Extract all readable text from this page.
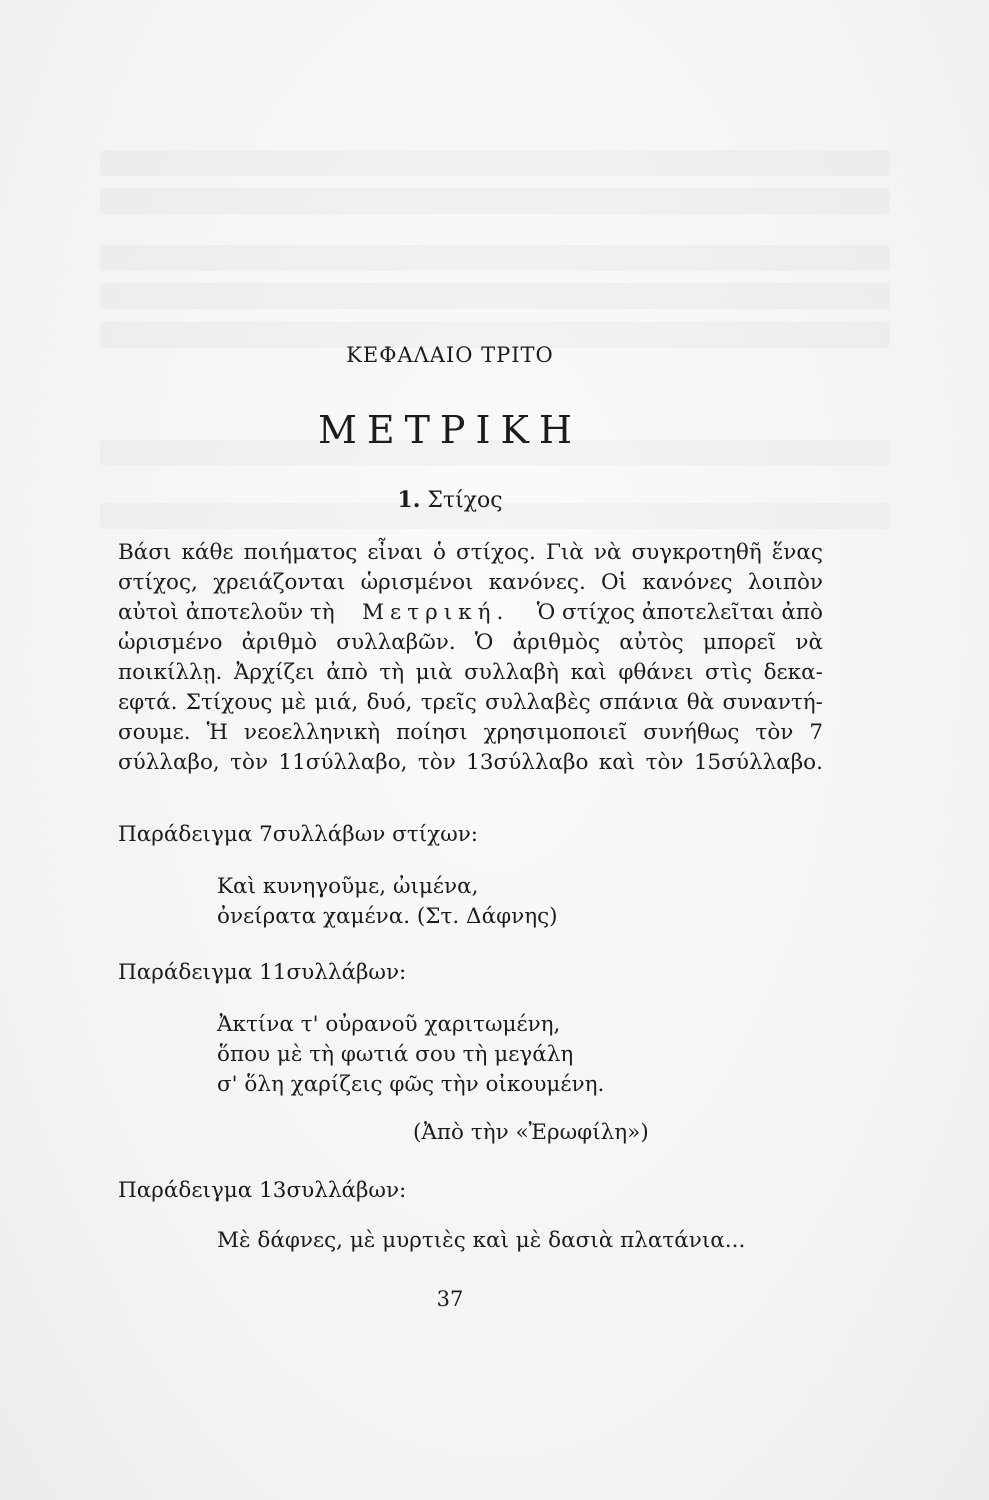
ΚΕΦΑΛΑΙΟ ΤΡΙΤΟ
ΜΕΤΡΙΚΗ
1. Στίχος
Βάσι κάθε ποιήματος εἶναι ὁ στίχος. Γιὰ νὰ συγκροτηθῆ ἕνας
στίχος, χρειάζονται ὡρισμένοι κανόνες. Οἱ κανόνες λοιπὸν
αὐτοὶ ἀποτελοῦν τὴ Μετρική. Ὁ στίχος ἀποτελεῖται ἀπὸ
ὡρισμένο ἀριθμὸ συλλαβῶν. Ὁ ἀριθμὸς αὐτὸς μπορεῖ νὰ
ποικίλλῃ. Ἀρχίζει ἀπὸ τὴ μιὰ συλλαβὴ καὶ φθάνει στὶς δεκα-
εφτά. Στίχους μὲ μιά, δυό, τρεῖς συλλαβὲς σπάνια θὰ συναντή-
σουμε. Ἡ νεοελληνικὴ ποίησι χρησιμοποιεῖ συνήθως τὸν 7
σύλλαβο, τὸν 11σύλλαβο, τὸν 13σύλλαβο καὶ τὸν 15σύλλαβο.
Παράδειγμα 7συλλάβων στίχων:
Καὶ κυνηγοῦμε, ὠιμένα,
ὀνείρατα χαμένα. (Στ. Δάφνης)
Παράδειγμα 11συλλάβων:
Ἀκτίνα τ' οὐρανοῦ χαριτωμένη,
ὅπου μὲ τὴ φωτιά σου τὴ μεγάλη
σ' ὅλη χαρίζεις φῶς τὴν οἰκουμένη.
(Ἀπὸ τὴν «Ἐρωφίλη»)
Παράδειγμα 13συλλάβων:
Μὲ δάφνες, μὲ μυρτιὲς καὶ μὲ δασιὰ πλατάνια...
37
